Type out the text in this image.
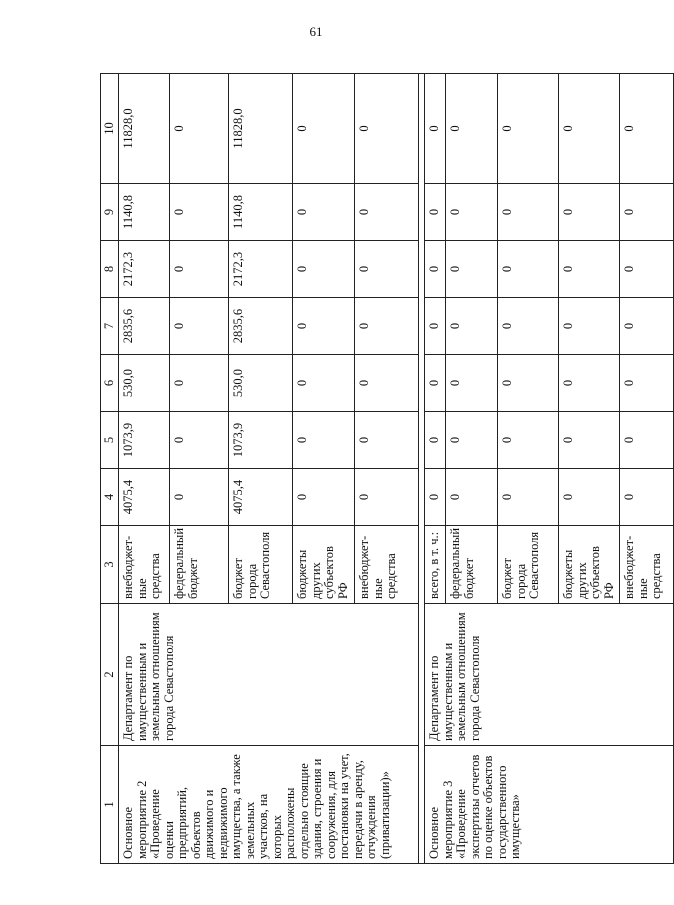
61
1	2	3	4	5	6	7	8	9	10
Основное мероприятие 2 «Проведение оценки предприятий, объектов движимого и недвижимого имущества, а также земельных участков, на которых расположены отдельно стоящие здания, строения и сооружения, для постановки на учет, передачи в аренду, отчуждения (приватизации)»	Департамент по имущественным и земельным отношениям города Севастополя	внебюджет-ные средства	4075,4	1073,9	530,0	2835,6	2172,3	1140,8	11828,0
		федеральный бюджет	0	0	0	0	0	0	0
		бюджет города Севастополя	4075,4	1073,9	530,0	2835,6	2172,3	1140,8	11828,0
		бюджеты других субъектов РФ	0	0	0	0	0	0	0
		внебюджет-ные средства	0	0	0	0	0	0	0

Основное мероприятие 3 «Проведение экспертизы отчетов по оценке объектов государственного имущества»	Департамент по имущественным и земельным отношениям города Севастополя	всего, в т. ч.:	0	0	0	0	0	0	0
		федеральный бюджет	0	0	0	0	0	0	0
		бюджет города Севастополя	0	0	0	0	0	0	0
		бюджеты других субъектов РФ	0	0	0	0	0	0	0
		внебюджет-ные средства	0	0	0	0	0	0	0
